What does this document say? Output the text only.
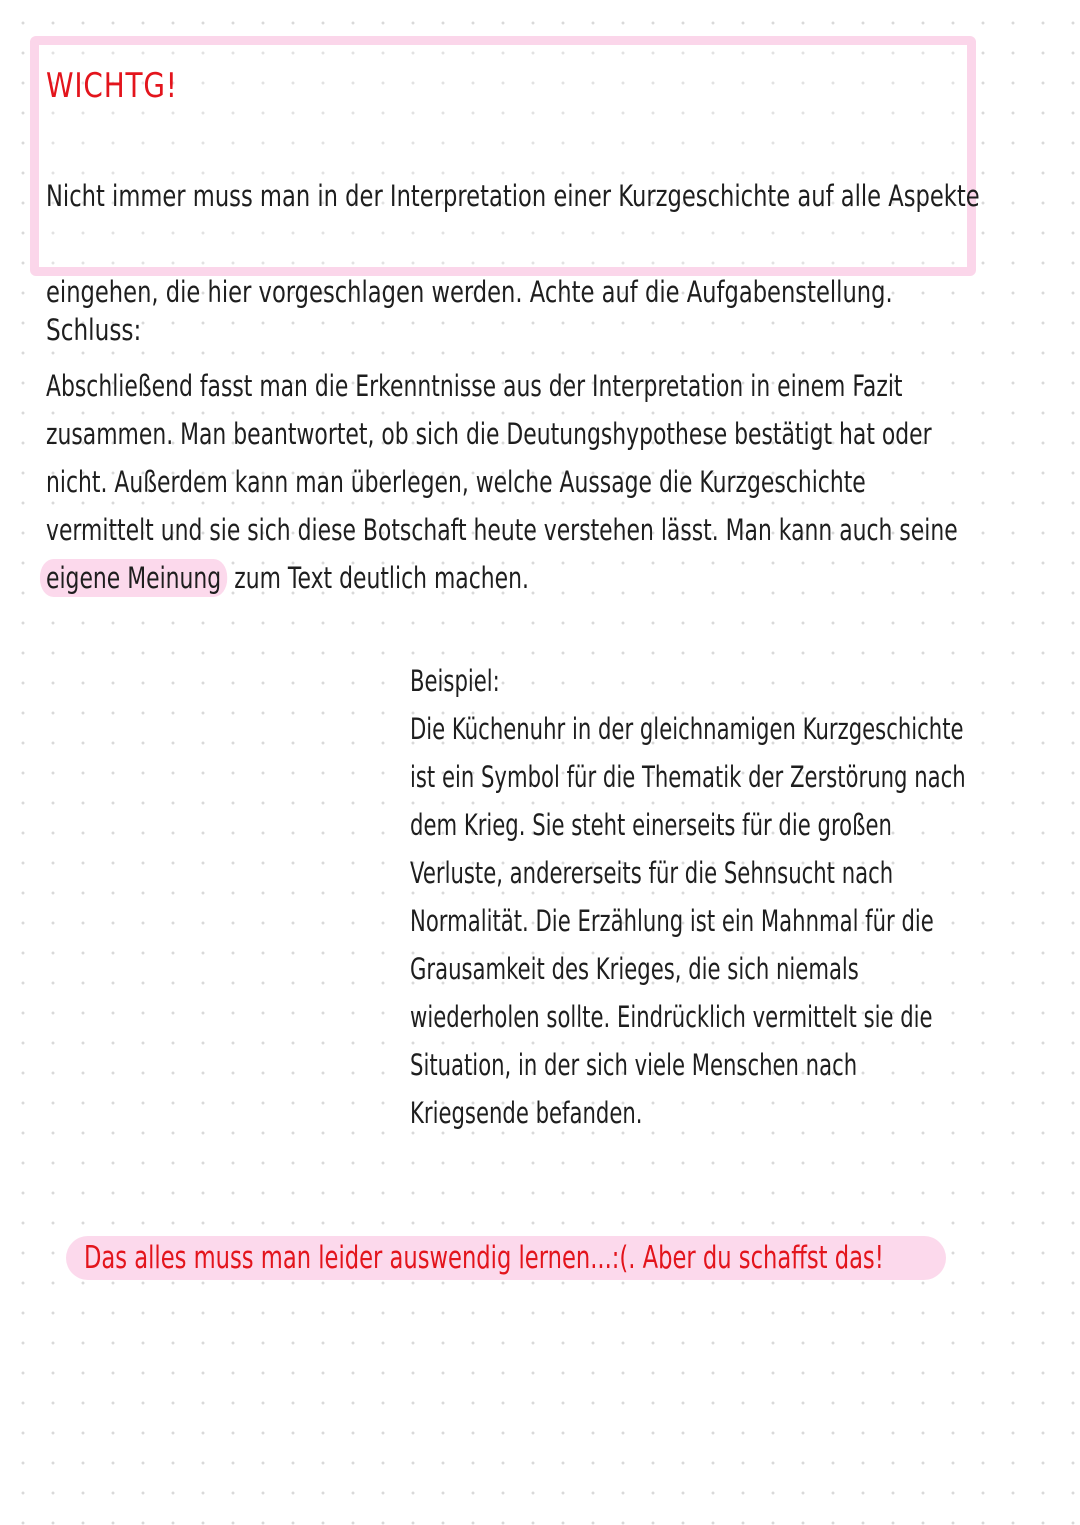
WICHTG!

Nicht immer muss man in der Interpretation einer Kurzgeschichte auf alle Aspekte

eingehen, die hier vorgeschlagen werden. Achte auf die Aufgabenstellung.

Schluss:
Abschließend fasst man die Erkenntnisse aus der Interpretation in einem Fazit
zusammen. Man beantwortet, ob sich die Deutungshypothese bestätigt hat oder
nicht. Außerdem kann man überlegen, welche Aussage die Kurzgeschichte
vermittelt und sie sich diese Botschaft heute verstehen lässt. Man kann auch seine
eigene Meinung zum Text deutlich machen.
Beispiel:
Die Küchenuhr in der gleichnamigen Kurzgeschichte
ist ein Symbol für die Thematik der Zerstörung nach
dem Krieg. Sie steht einerseits für die großen
Verluste, andererseits für die Sehnsucht nach
Normalität. Die Erzählung ist ein Mahnmal für die
Grausamkeit des Krieges, die sich niemals
wiederholen sollte. Eindrücklich vermittelt sie die
Situation, in der sich viele Menschen nach
Kriegsende befanden.
Das alles muss man leider auswendig lernen...:(. Aber du schaffst das!
